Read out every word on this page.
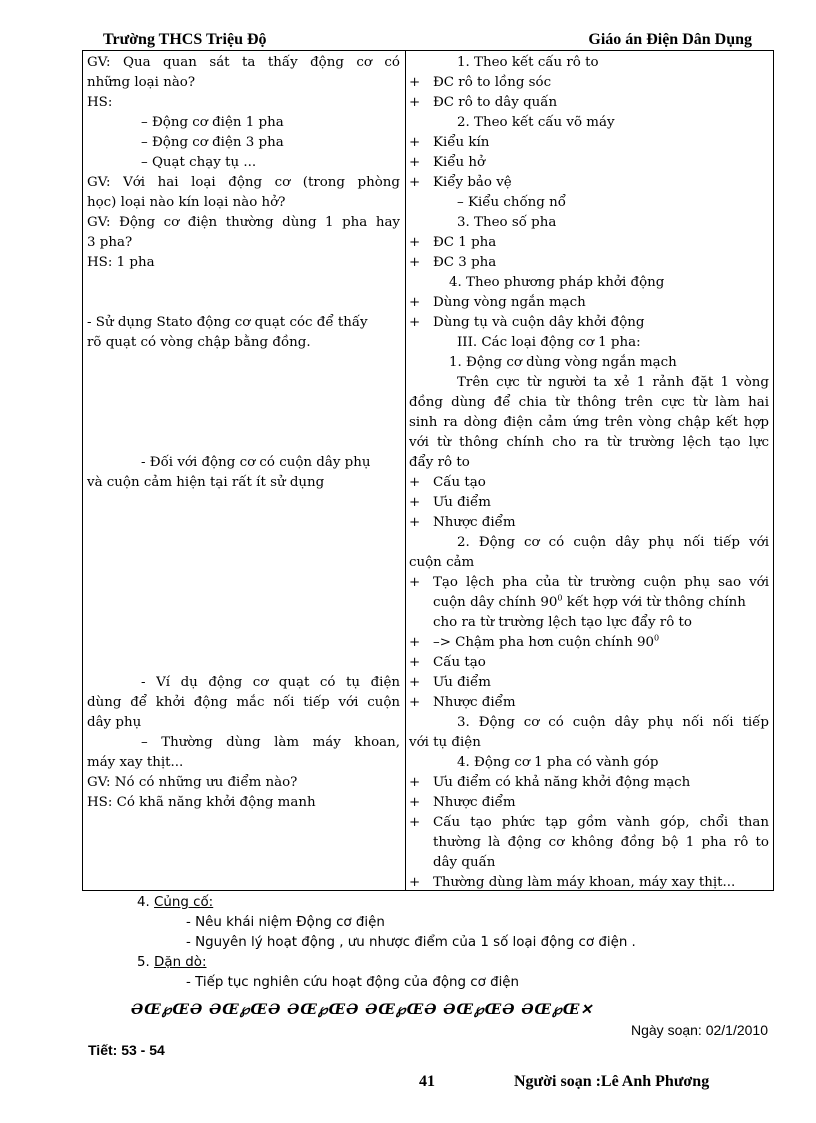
Trường THCS Triệu Độ	Giáo án Điện Dân Dụng
GV: Qua quan sát ta thấy động cơ có
những loại nào?
HS:
– Động cơ điện 1 pha
– Động cơ điện 3 pha
– Quạt chạy tụ ...
GV: Với hai loại động cơ (trong phòng
học) loại nào kín loại nào hở?
GV: Động cơ điện thường dùng 1 pha hay
3 pha?
HS: 1 pha
- Sử dụng Stato động cơ quạt cóc để thấy
rõ quạt có vòng chập bằng đồng.
- Đối với động cơ có cuộn dây phụ
và cuộn cảm hiện tại rất ít sử dụng
- Ví dụ động cơ quạt có tụ điện
dùng để khởi động mắc nối tiếp với cuộn
dây phụ
– Thường dùng làm máy khoan,
máy xay thịt...
GV: Nó có những ưu điểm nào?
HS: Có khã năng khởi động manh
1. Theo kết cấu rô to
+ ĐC rô to lồng sóc
+ ĐC rô to dây quấn
2. Theo kết cấu võ máy
+ Kiểu kín
+ Kiểu hở
+ Kiểy bảo vệ
– Kiểu chống nổ
3. Theo số pha
+ ĐC 1 pha
+ ĐC 3 pha
4. Theo phương pháp khởi động
+ Dùng vòng ngắn mạch
+ Dùng tụ và cuộn dây khởi động
III. Các loại động cơ 1 pha:
1. Động cơ dùng vòng ngắn mạch
Trên cực từ người ta xẻ 1 rảnh đặt 1 vòng
đồng dùng để chia từ thông trên cực từ làm hai
sinh ra dòng điện cảm ứng trên vòng chập kết hợp
với từ thông chính cho ra từ trường lệch tạo lực
đẩy rô to
+ Cấu tạo
+ Ưu điểm
+ Nhược điểm
2. Động cơ có cuộn dây phụ nối tiếp với
cuộn cảm
+ Tạo lệch pha của từ trường cuộn phụ sao với
cuộn dây chính $90^0$ kết hợp với từ thông chính
cho ra từ trường lệch tạo lực đẩy rô to
+ –> Chậm pha hơn cuộn chính $90^0$
+ Cấu tạo
+ Ưu điểm
+ Nhược điểm
3. Động cơ có cuộn dây phụ nối nối tiếp
với tụ điện
4. Động cơ 1 pha có vành góp
+ Ưu điểm có khả năng khởi động mạch
+ Nhược điểm
+ Cấu tạo phức tạp gồm vành góp, chổi than
thường là động cơ không đồng bộ 1 pha rô to
dây quấn
+ Thường dùng làm máy khoan, máy xay thịt...
4. Củng cố:
- Nêu khái niệm Động cơ điện
- Nguyên lý hoạt động , ưu nhược điểm của 1 số loại động cơ điện .
5. Dặn dò:
- Tiếp tục nghiên cứu hoạt động của động cơ điện
ƏŒ℘ŒƏ ƏŒ℘ŒƏ ƏŒ℘ŒƏ ƏŒ℘ŒƏ ƏŒ℘ŒƏ ƏŒ℘Œ✕
Ngày soạn: 02/1/2010
Tiết: 53 - 54
41	Người soạn :Lê Anh Phương
